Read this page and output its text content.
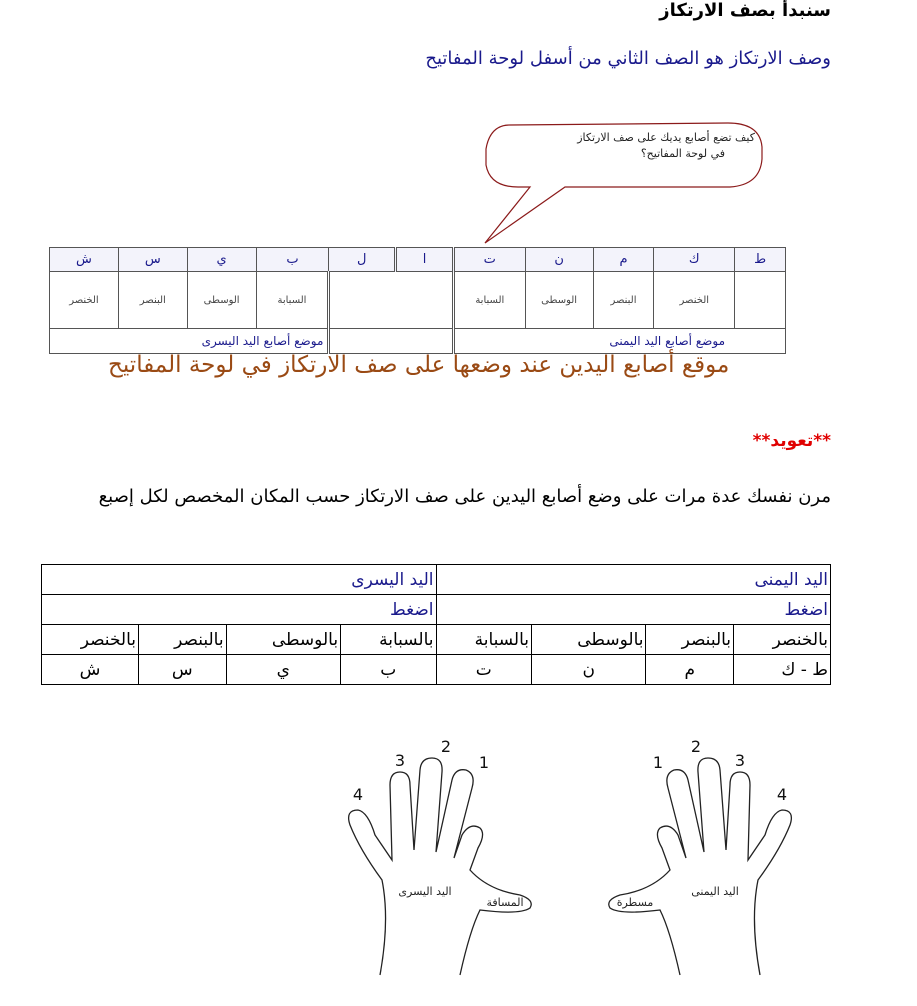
سنبدأ بصف الارتكاز
وصف الارتكاز هو الصف الثاني من أسفل لوحة المفاتيح
كيف تضع أصابع يديك على صف الارتكاز
في لوحة المفاتيح؟
ط	ك	م	ن	ت	ا	ل	ب	ي	س	ش
	الخنصر	البنصر	الوسطى	السبابة			السبابة	الوسطى	البنصر	الخنصر
موضع أصابع اليد اليمنى							موضع أصابع اليد اليسرى			
موقع أصابع اليدين عند وضعها على صف الارتكاز في لوحة المفاتيح
**تعويد**
مرن نفسك عدة مرات على وضع أصابع اليدين على صف الارتكاز حسب المكان المخصص لكل إصبع
اليد اليمنى				اليد اليسرى			
اضغط				اضغط			
بالخنصر	بالبنصر	بالوسطى	بالسبابة	بالسبابة	بالوسطى	بالبنصر	بالخنصر
ط - ك	م	ن	ت	ب	ي	س	ش
4
3
2
1	1
2
3
4
اليد اليسرى
المسافة
اليد اليمنى
مسطرة
